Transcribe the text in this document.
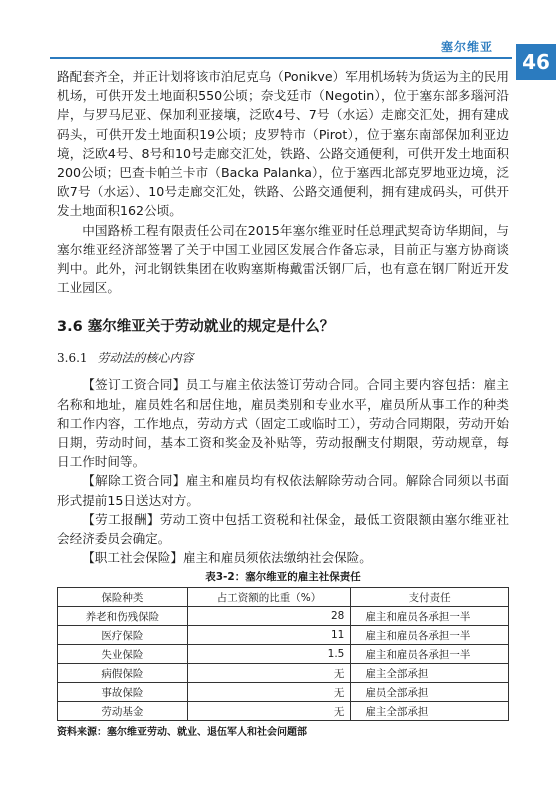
塞尔维亚
46

路配套齐全，并正计划将该市泊尼克乌（Ponikve）军用机场转为货运为主的民用机场，可供开发土地面积550公顷；奈戈廷市（Negotin），位于塞东部多瑙河沿岸，与罗马尼亚、保加利亚接壤，泛欧4号、7号（水运）走廊交汇处，拥有建成码头，可供开发土地面积19公顷；皮罗特市（Pirot），位于塞东南部保加利亚边境，泛欧4号、8号和10号走廊交汇处，铁路、公路交通便利，可供开发土地面积200公顷；巴查卡帕兰卡市（Backa Palanka），位于塞西北部克罗地亚边境，泛欧7号（水运）、10号走廊交汇处，铁路、公路交通便利，拥有建成码头，可供开发土地面积162公顷。

中国路桥工程有限责任公司在2015年塞尔维亚时任总理武契奇访华期间，与塞尔维亚经济部签署了关于中国工业园区发展合作备忘录，目前正与塞方协商谈判中。此外，河北钢铁集团在收购塞斯梅戴雷沃钢厂后，也有意在钢厂附近开发工业园区。

3.6 塞尔维亚关于劳动就业的规定是什么？
3.6.1 劳动法的核心内容

【签订工资合同】员工与雇主依法签订劳动合同。合同主要内容包括：雇主名称和地址，雇员姓名和居住地，雇员类别和专业水平，雇员所从事工作的种类和工作内容，工作地点，劳动方式（固定工或临时工），劳动合同期限，劳动开始日期，劳动时间，基本工资和奖金及补贴等，劳动报酬支付期限，劳动规章，每日工作时间等。

【解除工资合同】雇主和雇员均有权依法解除劳动合同。解除合同须以书面形式提前15日送达对方。

【劳工报酬】劳动工资中包括工资税和社保金，最低工资限额由塞尔维亚社会经济委员会确定。

【职工社会保险】雇主和雇员须依法缴纳社会保险。

表3-2：塞尔维亚的雇主社保责任
保险种类	占工资额的比重（%）	支付责任
养老和伤残保险	28	雇主和雇员各承担一半
医疗保险	11	雇主和雇员各承担一半
失业保险	1.5	雇主和雇员各承担一半
病假保险	无	雇主全部承担
事故保险	无	雇员全部承担
劳动基金	无	雇主全部承担
资料来源：塞尔维亚劳动、就业、退伍军人和社会问题部
